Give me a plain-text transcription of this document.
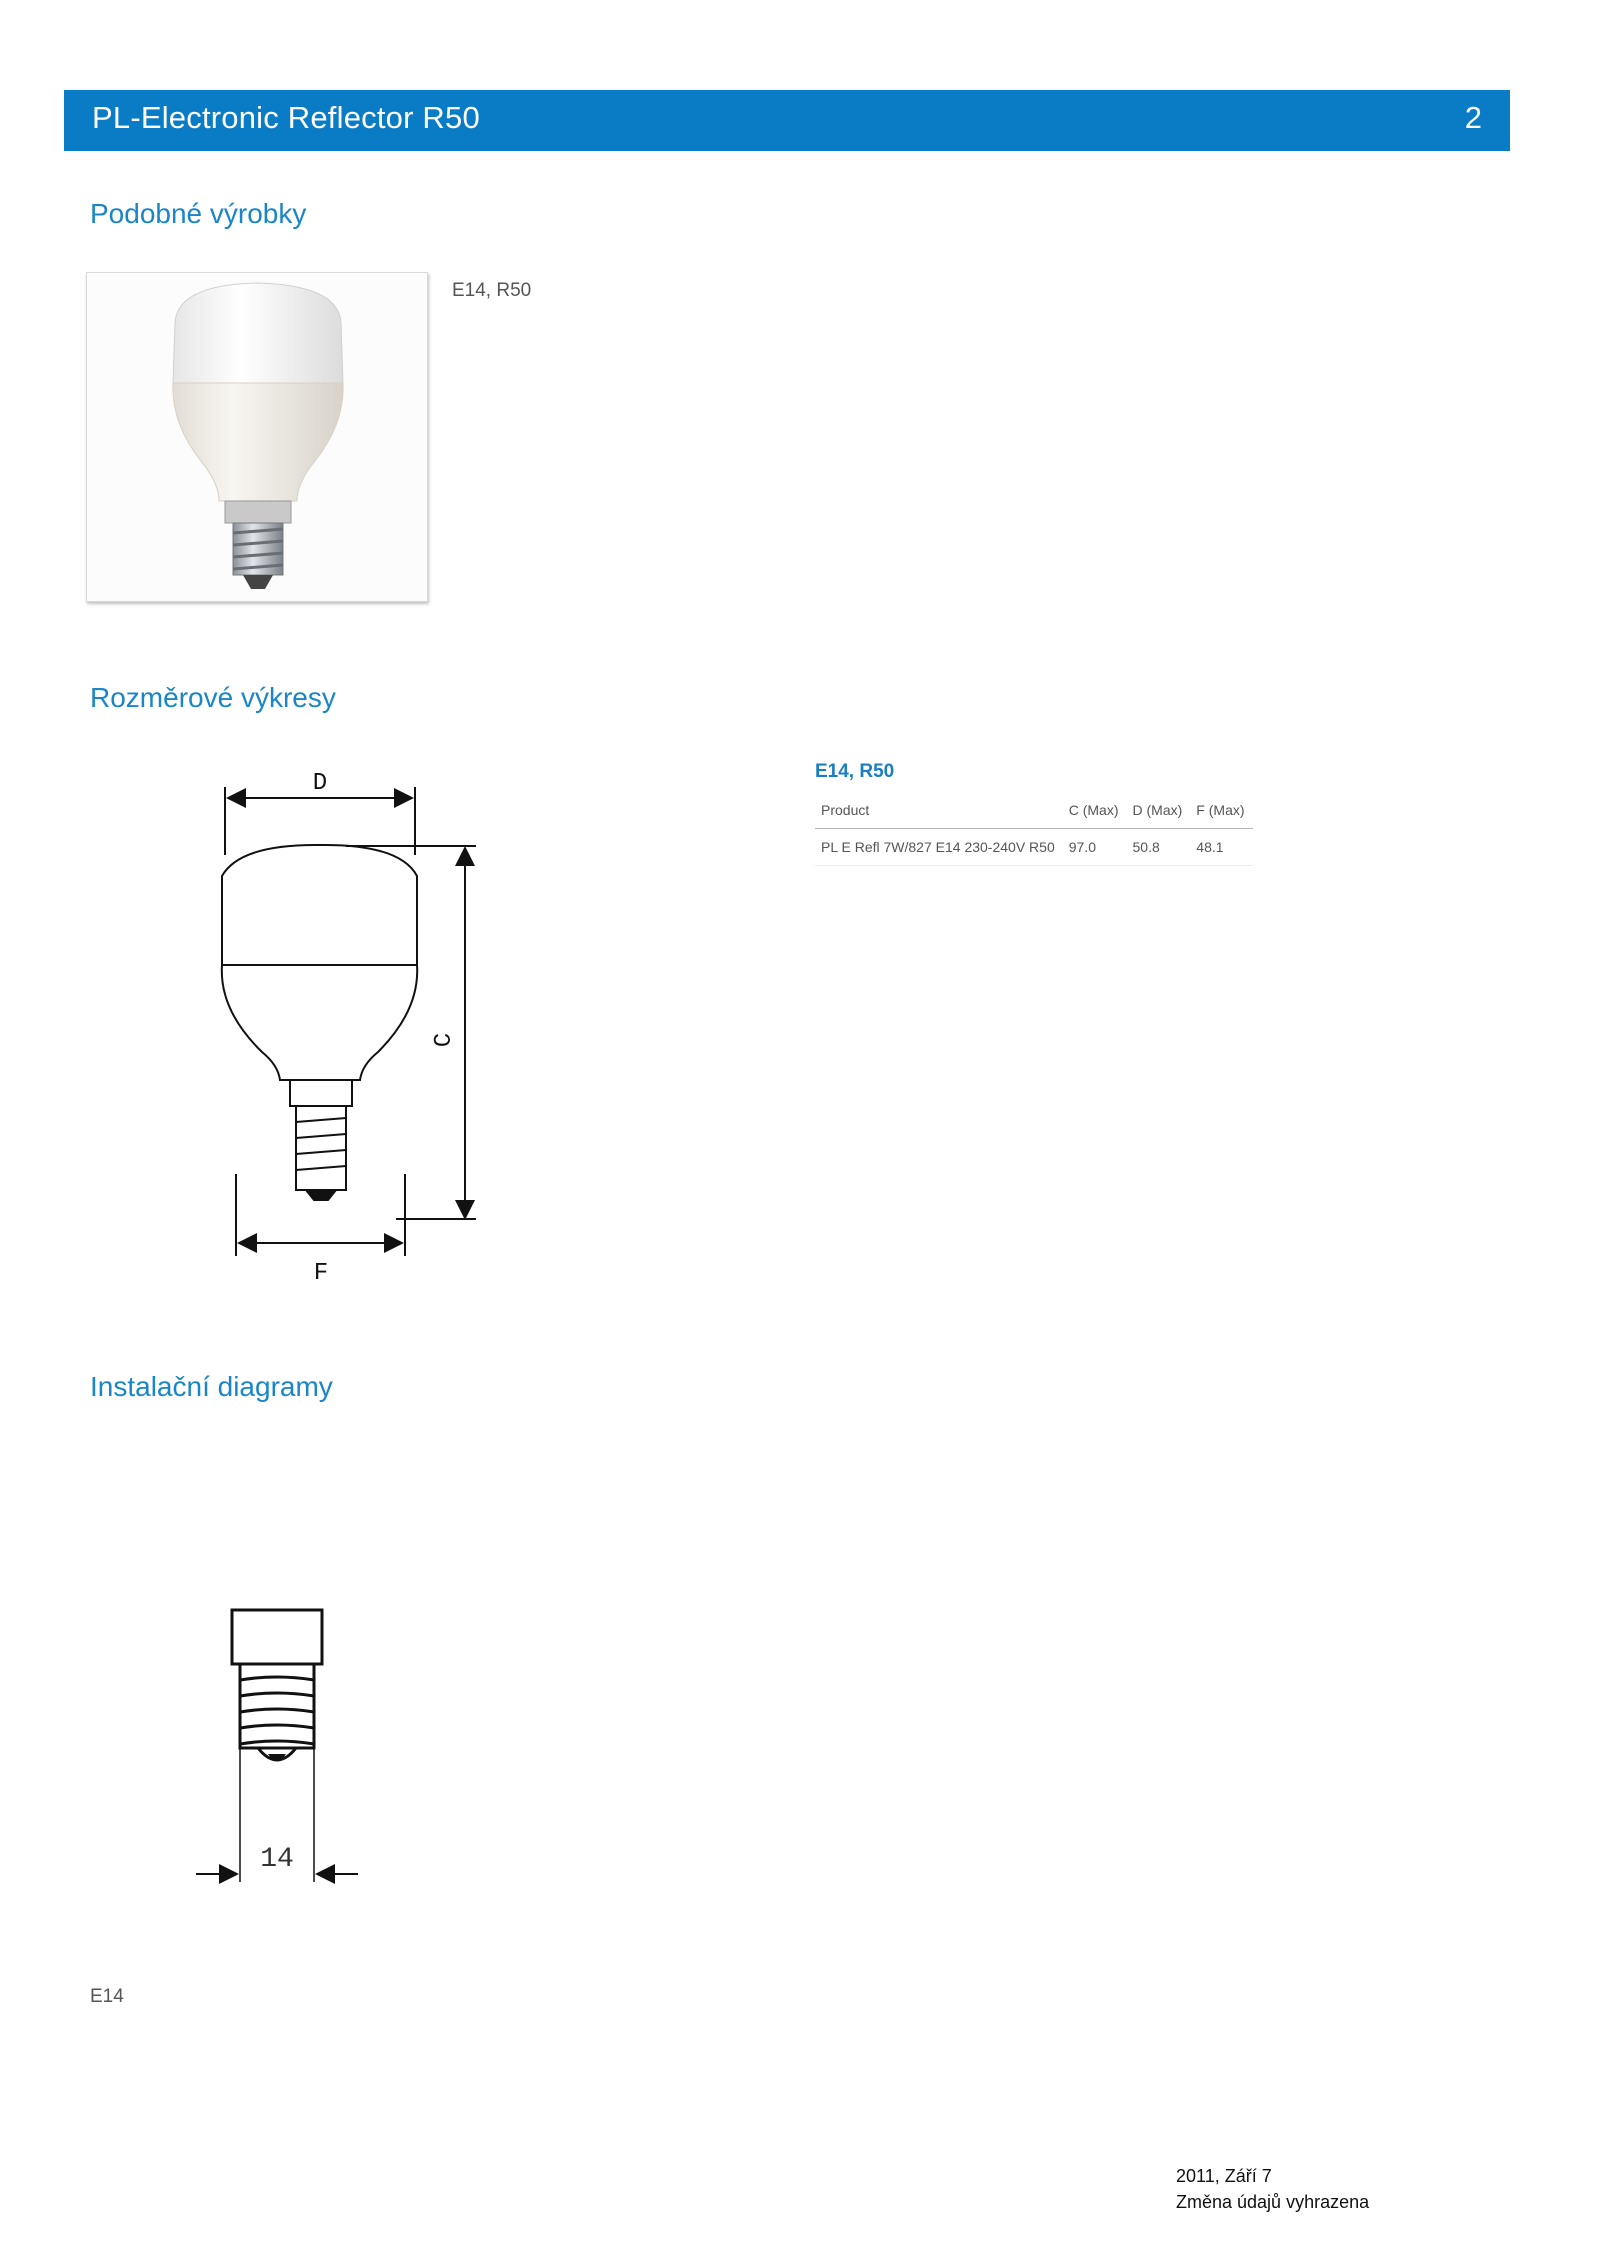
PL-Electronic Reflector R50	2
Podobné výrobky
E14, R50
Rozměrové výkresy
D
C
F
E14, R50
Product	C (Max)	D (Max)	F (Max)
PL E Refl 7W/827 E14 230-240V R50	97.0	50.8	48.1
Instalační diagramy
14
E14
2011, Září 7
Změna údajů vyhrazena
